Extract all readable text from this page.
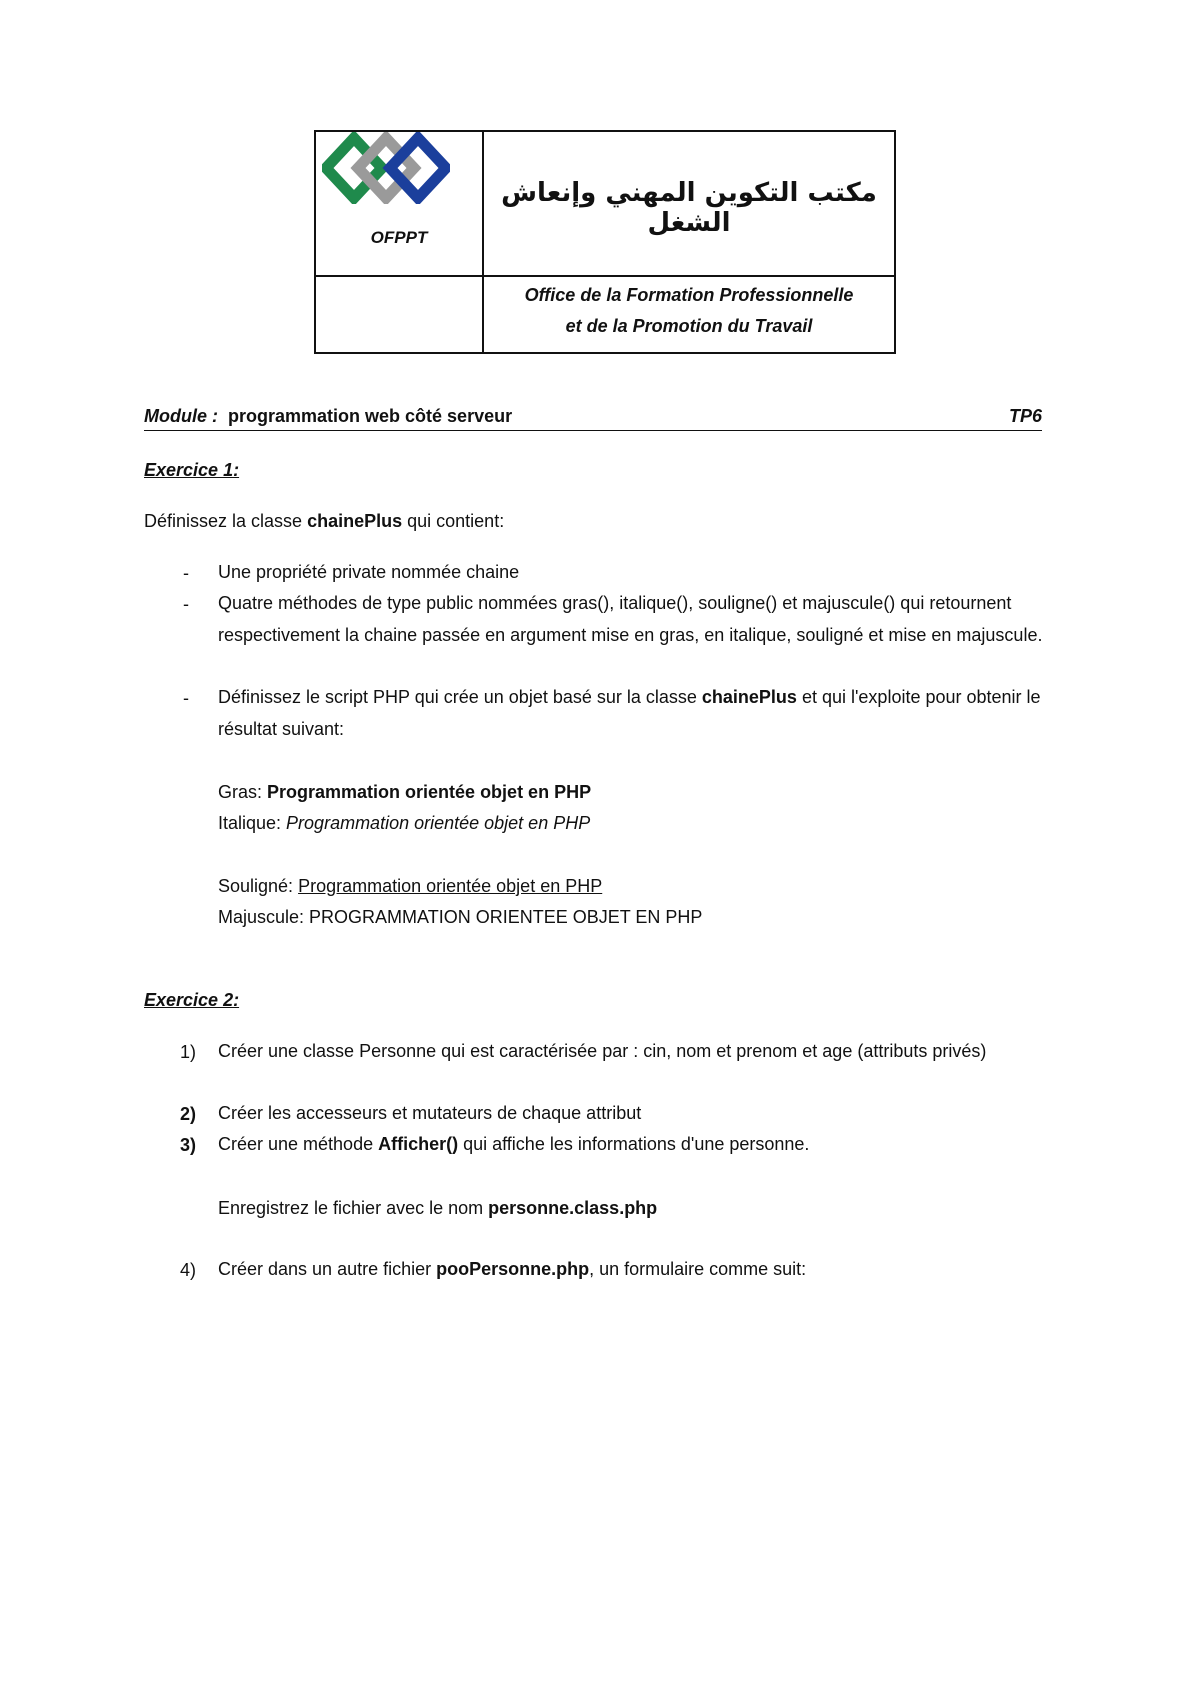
OFPPT
مكتب التكوين المهني وإنعاش الشغل
Office de la Formation Professionnelle
et de la Promotion du Travail
Module : programmation web côté serveur	TP6
Exercice 1:
Définissez la classe chainePlus qui contient:
- Une propriété private nommée chaine
- Quatre méthodes de type public nommées gras(), italique(), souligne() et majuscule() qui retournent respectivement la chaine passée en argument mise en gras, en italique, souligné et mise en majuscule.
- Définissez le script PHP qui crée un objet basé sur la classe chainePlus et qui l'exploite pour obtenir le résultat suivant:
Gras: Programmation orientée objet en PHP
Italique: Programmation orientée objet en PHP
Souligné: Programmation orientée objet en PHP
Majuscule: PROGRAMMATION ORIENTEE OBJET EN PHP
Exercice 2:
1) Créer une classe Personne qui est caractérisée par : cin, nom et prenom et age (attributs privés)
2) Créer les accesseurs et mutateurs de chaque attribut
3) Créer une méthode Afficher() qui affiche les informations d'une personne.
Enregistrez le fichier avec le nom personne.class.php
4) Créer dans un autre fichier pooPersonne.php, un formulaire comme suit:
